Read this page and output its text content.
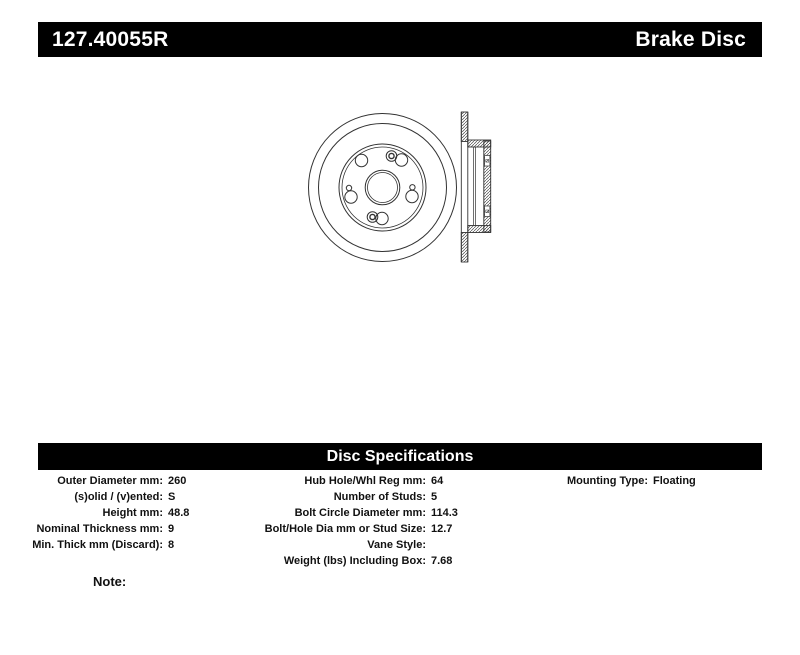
127.40055R	Brake Disc
Disc Specifications
Outer Diameter mm: 260
(s)olid / (v)ented: S
Height mm: 48.8
Nominal Thickness mm: 9
Min. Thick mm (Discard): 8
Hub Hole/Whl Reg mm: 64
Number of Studs: 5
Bolt Circle Diameter mm: 114.3
Bolt/Hole Dia mm or Stud Size: 12.7
Vane Style:
Weight (lbs) Including Box: 7.68
Mounting Type: Floating
Note:
